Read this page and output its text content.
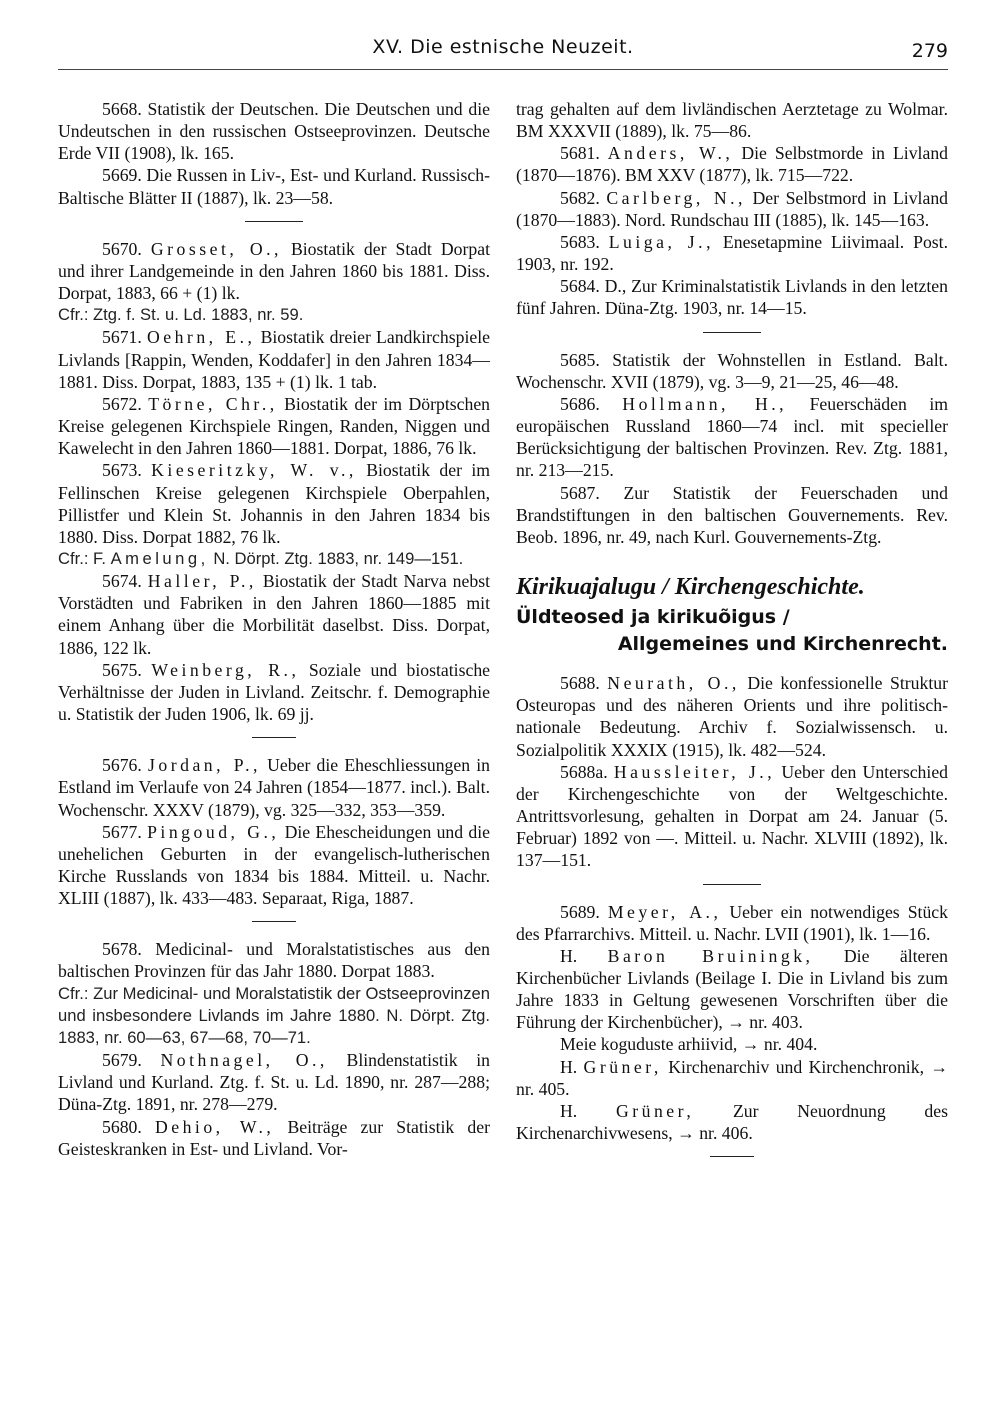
XV. Die estnische Neuzeit.	279

5668. Statistik der Deutschen. Die Deutschen und die Undeutschen in den russischen Ostseeprovinzen. Deutsche Erde VII (1908), lk. 165.

5669. Die Russen in Liv-, Est- und Kurland. Russisch-Baltische Blätter II (1887), lk. 23—58.

5670. Grosset, O., Biostatik der Stadt Dorpat und ihrer Landgemeinde in den Jahren 1860 bis 1881. Diss. Dorpat, 1883, 66 + (1) lk.

Cfr.: Ztg. f. St. u. Ld. 1883, nr. 59.

5671. Oehrn, E., Biostatik dreier Landkirchspiele Livlands [Rappin, Wenden, Koddafer] in den Jahren 1834—1881. Diss. Dorpat, 1883, 135 + (1) lk. 1 tab.

5672. Törne, Chr., Biostatik der im Dörptschen Kreise gelegenen Kirchspiele Ringen, Randen, Niggen und Kawelecht in den Jahren 1860—1881. Dorpat, 1886, 76 lk.

5673. Kieseritzky, W. v., Biostatik der im Fellinschen Kreise gelegenen Kirchspiele Oberpahlen, Pillistfer und Klein St. Johannis in den Jahren 1834 bis 1880. Diss. Dorpat 1882, 76 lk.

Cfr.: F. Amelung, N. Dörpt. Ztg. 1883, nr. 149—151.

5674. Haller, P., Biostatik der Stadt Narva nebst Vorstädten und Fabriken in den Jahren 1860—1885 mit einem Anhang über die Morbilität daselbst. Diss. Dorpat, 1886, 122 lk.

5675. Weinberg, R., Soziale und biostatische Verhältnisse der Juden in Livland. Zeitschr. f. Demographie u. Statistik der Juden 1906, lk. 69 jj.

5676. Jordan, P., Ueber die Eheschliessungen in Estland im Verlaufe von 24 Jahren (1854—1877. incl.). Balt. Wochenschr. XXXV (1879), vg. 325—332, 353—359.

5677. Pingoud, G., Die Ehescheidungen und die unehelichen Geburten in der evangelisch-lutherischen Kirche Russlands von 1834 bis 1884. Mitteil. u. Nachr. XLIII (1887), lk. 433—483. Separaat, Riga, 1887.

5678. Medicinal- und Moralstatistisches aus den baltischen Provinzen für das Jahr 1880. Dorpat 1883.

Cfr.: Zur Medicinal- und Moralstatistik der Ostseeprovinzen und insbesondere Livlands im Jahre 1880. N. Dörpt. Ztg. 1883, nr. 60—63, 67—68, 70—71.

5679. Nothnagel, O., Blindenstatistik in Livland und Kurland. Ztg. f. St. u. Ld. 1890, nr. 287—288; Düna-Ztg. 1891, nr. 278—279.

5680. Dehio, W., Beiträge zur Statistik der Geisteskranken in Est- und Livland. Vor-

trag gehalten auf dem livländischen Aerztetage zu Wolmar. BM XXXVII (1889), lk. 75—86.

5681. Anders, W., Die Selbstmorde in Livland (1870—1876). BM XXV (1877), lk. 715—722.

5682. Carlberg, N., Der Selbstmord in Livland (1870—1883). Nord. Rundschau III (1885), lk. 145—163.

5683. Luiga, J., Enesetapmine Liivimaal. Post. 1903, nr. 192.

5684. D., Zur Kriminalstatistik Livlands in den letzten fünf Jahren. Düna-Ztg. 1903, nr. 14—15.

5685. Statistik der Wohnstellen in Estland. Balt. Wochenschr. XVII (1879), vg. 3—9, 21—25, 46—48.

5686. Hollmann, H., Feuerschäden im europäischen Russland 1860—74 incl. mit specieller Berücksichtigung der baltischen Provinzen. Rev. Ztg. 1881, nr. 213—215.

5687. Zur Statistik der Feuerschaden und Brandstiftungen in den baltischen Gouvernements. Rev. Beob. 1896, nr. 49, nach Kurl. Gouvernements-Ztg.

Kirikuajalugu / Kirchengeschichte.

Üldteosed ja kirikuõigus /

Allgemeines und Kirchenrecht.

5688. Neurath, O., Die konfessionelle Struktur Osteuropas und des näheren Orients und ihre politisch-nationale Bedeutung. Archiv f. Sozialwissensch. u. Sozialpolitik XXXIX (1915), lk. 482—524.

5688a. Haussleiter, J., Ueber den Unterschied der Kirchengeschichte von der Weltgeschichte. Antrittsvorlesung, gehalten in Dorpat am 24. Januar (5. Februar) 1892 von —. Mitteil. u. Nachr. XLVIII (1892), lk. 137—151.

5689. Meyer, A., Ueber ein notwendiges Stück des Pfarrarchivs. Mitteil. u. Nachr. LVII (1901), lk. 1—16.

H. Baron Bruiningk, Die älteren Kirchenbücher Livlands (Beilage I. Die in Livland bis zum Jahre 1833 in Geltung gewesenen Vorschriften über die Führung der Kirchenbücher), → nr. 403.

Meie koguduste arhiivid, → nr. 404.

H. Grüner, Kirchenarchiv und Kirchenchronik, → nr. 405.

H. Grüner, Zur Neuordnung des Kirchenarchivwesens, → nr. 406.
